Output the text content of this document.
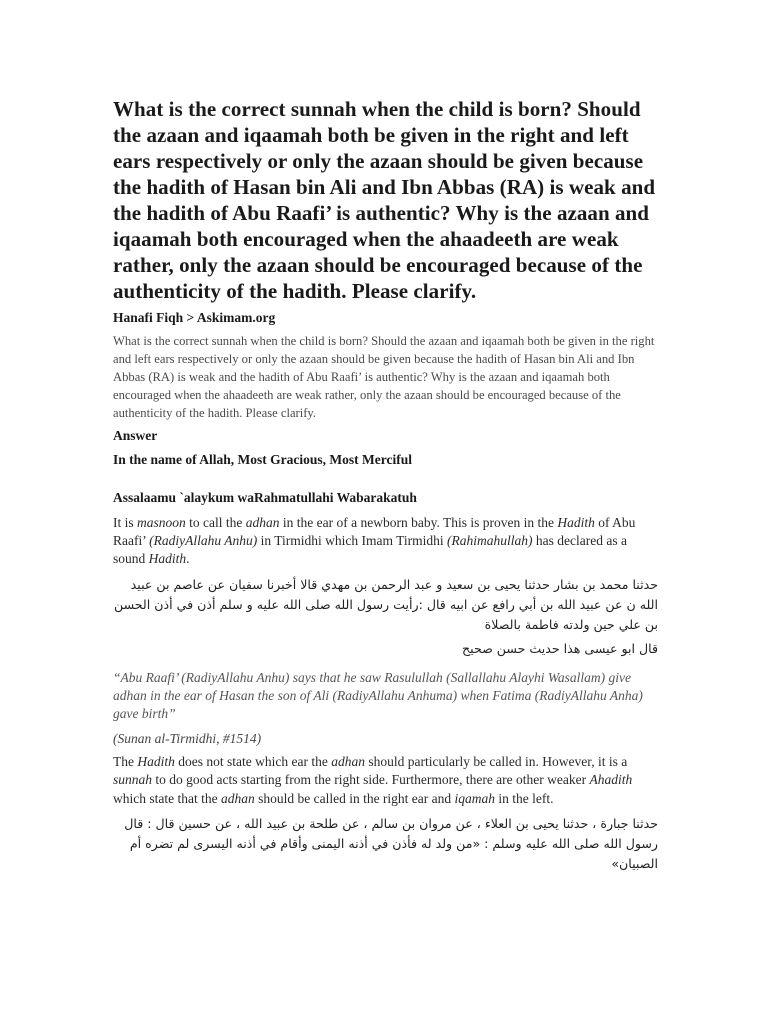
What is the correct sunnah when the child is born? Should the azaan and iqaamah both be given in the right and left ears respectively or only the azaan should be given because the hadith of Hasan bin Ali and Ibn Abbas (RA) is weak and the hadith of Abu Raafi’ is authentic? Why is the azaan and iqaamah both encouraged when the ahaadeeth are weak rather, only the azaan should be encouraged because of the authenticity of the hadith. Please clarify.
Hanafi Fiqh > Askimam.org

What is the correct sunnah when the child is born? Should the azaan and iqaamah both be given in the right and left ears respectively or only the azaan should be given because the hadith of Hasan bin Ali and Ibn Abbas (RA) is weak and the hadith of Abu Raafi’ is authentic? Why is the azaan and iqaamah both encouraged when the ahaadeeth are weak rather, only the azaan should be encouraged because of the authenticity of the hadith. Please clarify.

Answer
In the name of Allah, Most Gracious, Most Merciful
Assalaamu `alaykum waRahmatullahi Wabarakatuh

It is masnoon to call the adhan in the ear of a newborn baby. This is proven in the Hadith of Abu Raafi’ (RadiyAllahu Anhu) in Tirmidhi which Imam Tirmidhi (Rahimahullah) has declared as a sound Hadith.

حدثنا محمد بن بشار حدثنا يحيى بن سعيد و عبد الرحمن بن مهدي قالا أخبرنا سفيان عن عاصم بن عبيد الله ن عن عبيد الله بن أبي رافع عن ابيه قال :رأيت رسول الله صلى الله عليه و سلم أذن في أذن الحسن بن علي حين ولدته فاطمة بالصلاة

قال ابو عيسى هذا حديث حسن صحيح

“Abu Raafi’ (RadiyAllahu Anhu) says that he saw Rasulullah (Sallallahu Alayhi Wasallam) give adhan in the ear of Hasan the son of Ali (RadiyAllahu Anhuma) when Fatima (RadiyAllahu Anha) gave birth”

(Sunan al-Tirmidhi, #1514)

The Hadith does not state which ear the adhan should particularly be called in. However, it is a sunnah to do good acts starting from the right side. Furthermore, there are other weaker Ahadith which state that the adhan should be called in the right ear and iqamah in the left.

حدثنا جبارة ، حدثنا يحيى بن العلاء ، عن مروان بن سالم ، عن طلحة بن عبيد الله ، عن حسين قال : قال رسول الله صلى الله عليه وسلم : «من ولد له فأذن في أذنه اليمنى وأقام في أذنه اليسرى لم تضره أم الصبيان»
